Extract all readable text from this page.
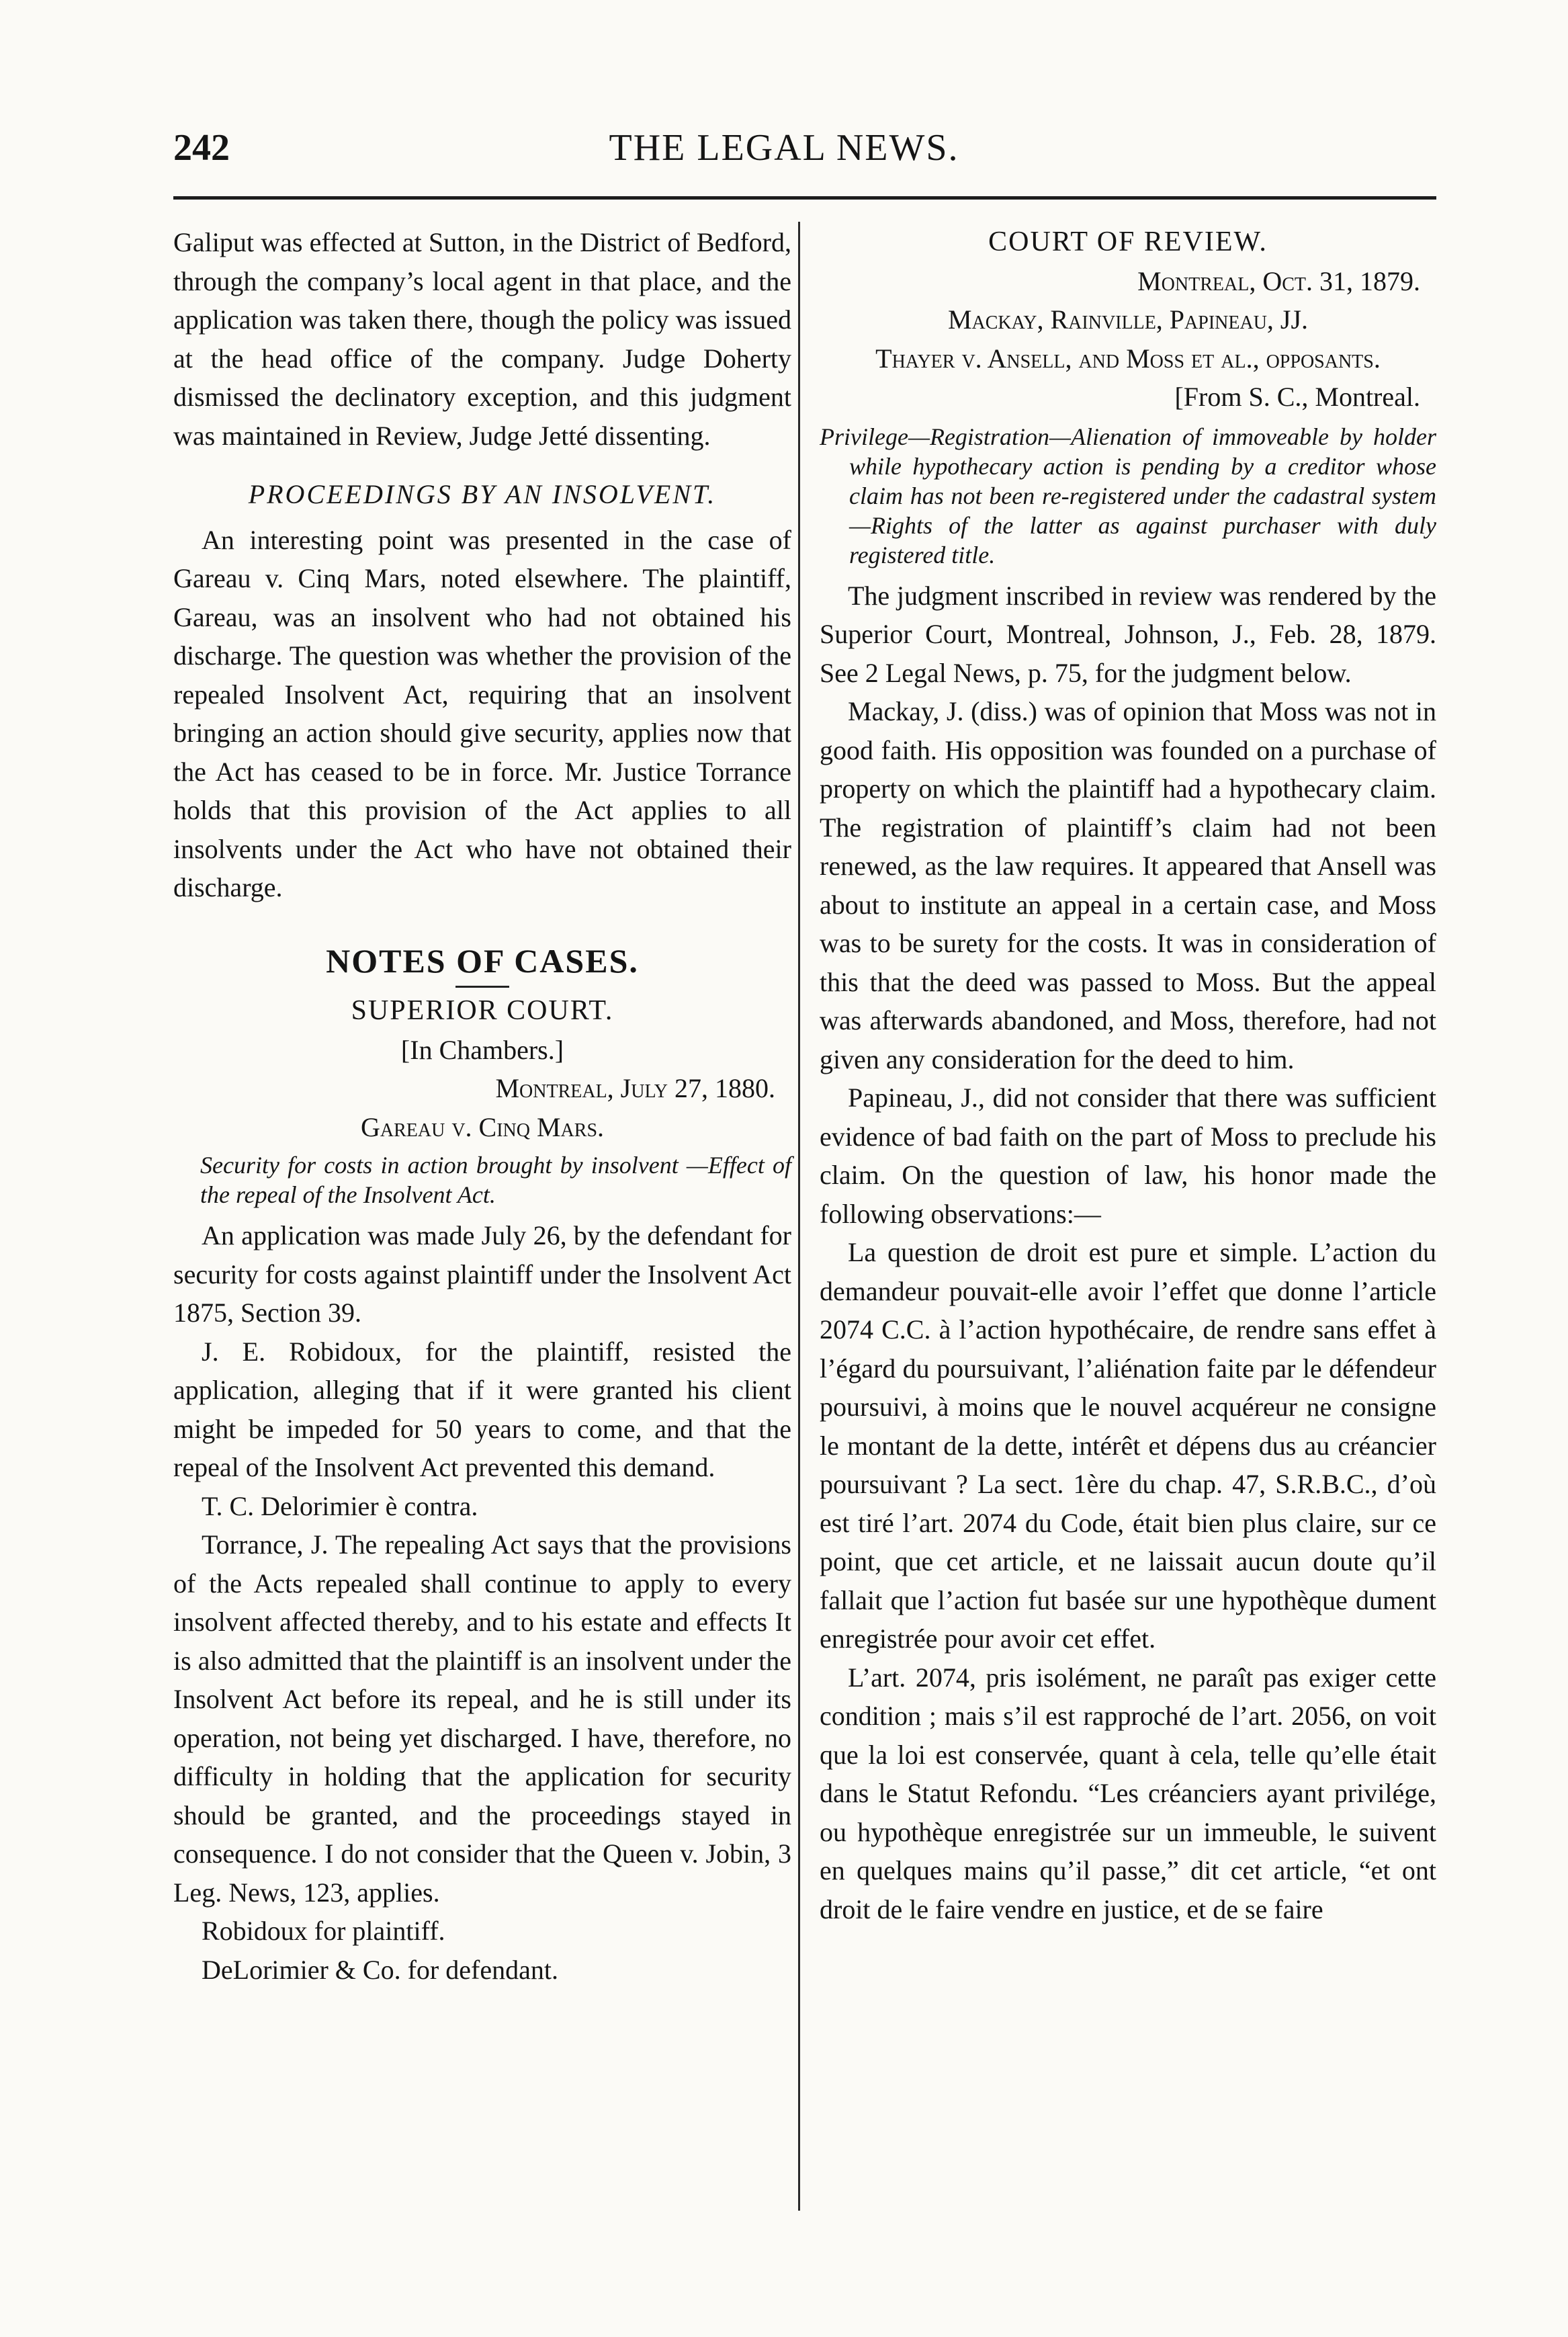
242	THE LEGAL NEWS.

Galiput was effected at Sutton, in the District of Bedford, through the company’s local agent in that place, and the application was taken there, though the policy was issued at the head office of the company. Judge Doherty dismissed the declinatory exception, and this judgment was maintained in Review, Judge Jetté dissenting.

PROCEEDINGS BY AN INSOLVENT.

An interesting point was presented in the case of Gareau v. Cinq Mars, noted elsewhere. The plaintiff, Gareau, was an insolvent who had not obtained his discharge. The question was whether the provision of the repealed Insolvent Act, requiring that an insolvent bringing an action should give security, applies now that the Act has ceased to be in force. Mr. Justice Torrance holds that this provision of the Act applies to all insolvents under the Act who have not obtained their discharge.

NOTES OF CASES.
SUPERIOR COURT.
[In Chambers.]
Montreal, July 27, 1880.
Gareau v. Cinq Mars.

Security for costs in action brought by insolvent —Effect of the repeal of the Insolvent Act.

An application was made July 26, by the defendant for security for costs against plaintiff under the Insolvent Act 1875, Section 39.

J. E. Robidoux, for the plaintiff, resisted the application, alleging that if it were granted his client might be impeded for 50 years to come, and that the repeal of the Insolvent Act prevented this demand.

T. C. Delorimier è contra.

Torrance, J. The repealing Act says that the provisions of the Acts repealed shall continue to apply to every insolvent affected thereby, and to his estate and effects It is also admitted that the plaintiff is an insolvent under the Insolvent Act before its repeal, and he is still under its operation, not being yet discharged. I have, therefore, no difficulty in holding that the application for security should be granted, and the proceedings stayed in consequence. I do not consider that the Queen v. Jobin, 3 Leg. News, 123, applies.

Robidoux for plaintiff.

DeLorimier & Co. for defendant.

COURT OF REVIEW.
Montreal, Oct. 31, 1879.
Mackay, Rainville, Papineau, JJ.
Thayer v. Ansell, and Moss et al., opposants.
[From S. C., Montreal.

Privilege—Registration—Alienation of immoveable by holder while hypothecary action is pending by a creditor whose claim has not been re-registered under the cadastral system—Rights of the latter as against purchaser with duly registered title.

The judgment inscribed in review was rendered by the Superior Court, Montreal, Johnson, J., Feb. 28, 1879. See 2 Legal News, p. 75, for the judgment below.

Mackay, J. (diss.) was of opinion that Moss was not in good faith. His opposition was founded on a purchase of property on which the plaintiff had a hypothecary claim. The registration of plaintiff’s claim had not been renewed, as the law requires. It appeared that Ansell was about to institute an appeal in a certain case, and Moss was to be surety for the costs. It was in consideration of this that the deed was passed to Moss. But the appeal was afterwards abandoned, and Moss, therefore, had not given any consideration for the deed to him.

Papineau, J., did not consider that there was sufficient evidence of bad faith on the part of Moss to preclude his claim. On the question of law, his honor made the following observations:—

La question de droit est pure et simple. L’action du demandeur pouvait-elle avoir l’effet que donne l’article 2074 C.C. à l’action hypothécaire, de rendre sans effet à l’égard du poursuivant, l’aliénation faite par le défendeur poursuivi, à moins que le nouvel acquéreur ne consigne le montant de la dette, intérêt et dépens dus au créancier poursuivant ? La sect. 1ère du chap. 47, S.R.B.C., d’où est tiré l’art. 2074 du Code, était bien plus claire, sur ce point, que cet article, et ne laissait aucun doute qu’il fallait que l’action fut basée sur une hypothèque dument enregistrée pour avoir cet effet.

L’art. 2074, pris isolément, ne paraît pas exiger cette condition ; mais s’il est rapproché de l’art. 2056, on voit que la loi est conservée, quant à cela, telle qu’elle était dans le Statut Refondu. “Les créanciers ayant privilége, ou hypothèque enregistrée sur un immeuble, le suivent en quelques mains qu’il passe,” dit cet article, “et ont droit de le faire vendre en justice, et de se faire
